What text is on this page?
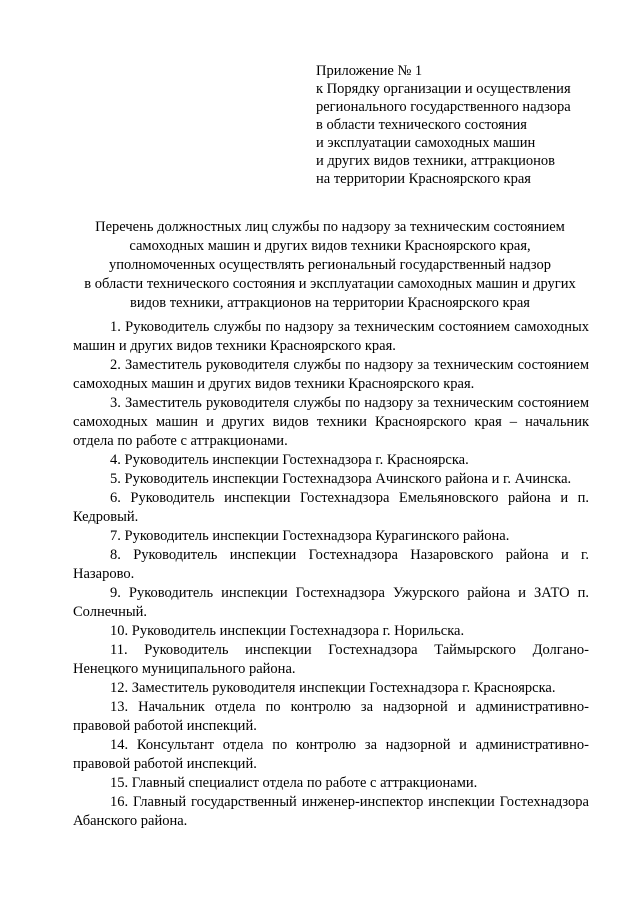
Приложение № 1
к Порядку организации и осуществления
регионального государственного надзора
в области технического состояния
и эксплуатации самоходных машин
и других видов техники, аттракционов
на территории Красноярского края
Перечень должностных лиц службы по надзору за техническим состоянием
самоходных машин и других видов техники Красноярского края,
уполномоченных осуществлять региональный государственный надзор
в области технического состояния и эксплуатации самоходных машин и других
видов техники, аттракционов на территории Красноярского края

1. Руководитель службы по надзору за техническим состоянием самоходных машин и других видов техники Красноярского края.

2. Заместитель руководителя службы по надзору за техническим состоянием самоходных машин и других видов техники Красноярского края.

3. Заместитель руководителя службы по надзору за техническим состоянием самоходных машин и других видов техники Красноярского края – начальник отдела по работе с аттракционами.

4. Руководитель инспекции Гостехнадзора г. Красноярска.

5. Руководитель инспекции Гостехнадзора Ачинского района и г. Ачинска.

6. Руководитель инспекции Гостехнадзора Емельяновского района и п. Кедровый.

7. Руководитель инспекции Гостехнадзора Курагинского района.

8. Руководитель инспекции Гостехнадзора Назаровского района и г. Назарово.

9. Руководитель инспекции Гостехнадзора Ужурского района и ЗАТО п. Солнечный.

10. Руководитель инспекции Гостехнадзора г. Норильска.

11. Руководитель инспекции Гостехнадзора Таймырского Долгано-Ненецкого муниципального района.

12. Заместитель руководителя инспекции Гостехнадзора г. Красноярска.

13. Начальник отдела по контролю за надзорной и административно-правовой работой инспекций.

14. Консультант отдела по контролю за надзорной и административно-правовой работой инспекций.

15. Главный специалист отдела по работе с аттракционами.

16. Главный государственный инженер-инспектор инспекции Гостехнадзора Абанского района.
